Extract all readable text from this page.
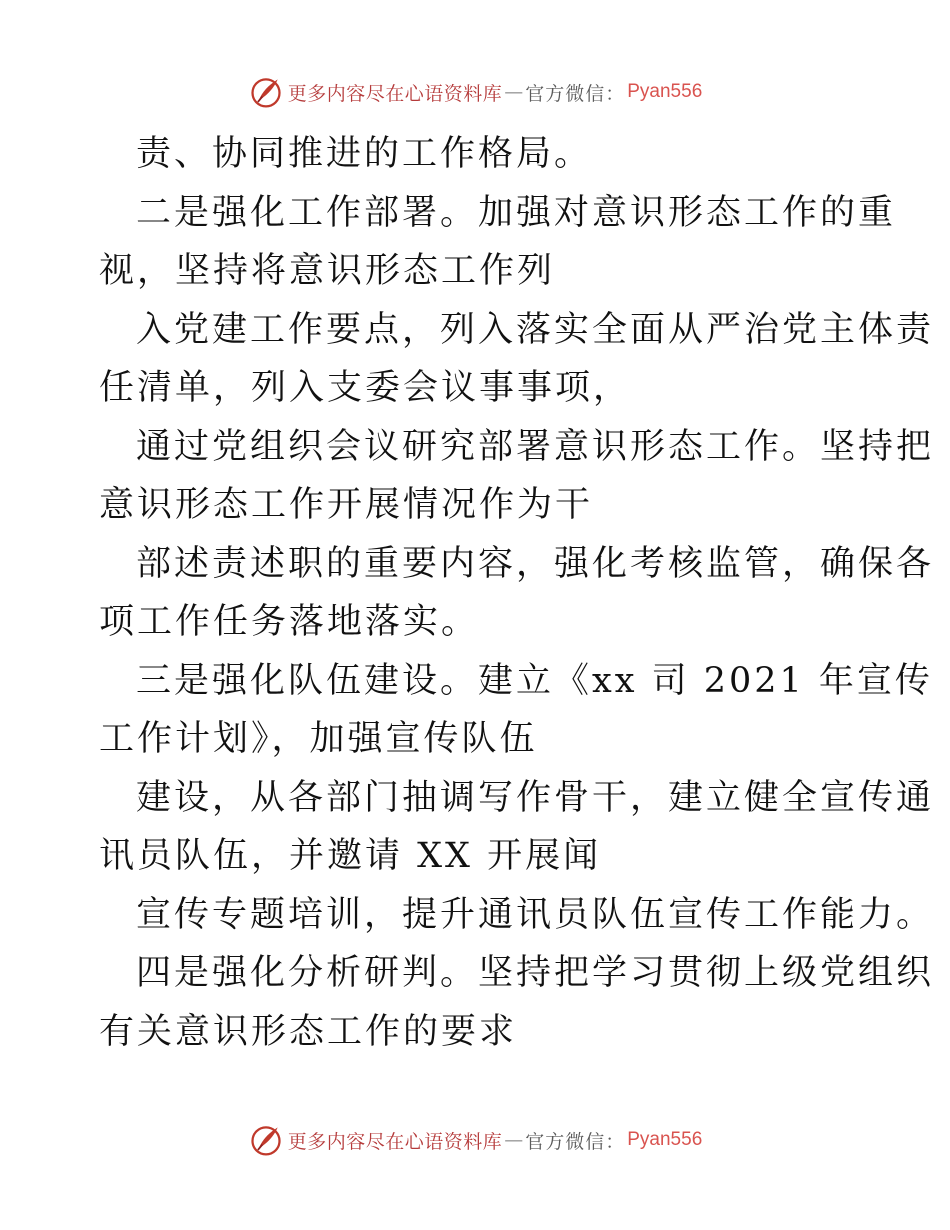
更多内容尽在心语资料库 — 官方微信： Pyan556
责、协同推进的工作格局。
二是强化工作部署。加强对意识形态工作的重
视，坚持将意识形态工作列
入党建工作要点，列入落实全面从严治党主体责
任清单，列入支委会议事事项，
通过党组织会议研究部署意识形态工作。坚持把
意识形态工作开展情况作为干
部述责述职的重要内容，强化考核监管，确保各
项工作任务落地落实。
三是强化队伍建设。建立《xx 司 2021 年宣传
工作计划》，加强宣传队伍
建设，从各部门抽调写作骨干，建立健全宣传通
讯员队伍，并邀请 XX 开展闻
宣传专题培训，提升通讯员队伍宣传工作能力。
四是强化分析研判。坚持把学习贯彻上级党组织
有关意识形态工作的要求
更多内容尽在心语资料库 — 官方微信： Pyan556
